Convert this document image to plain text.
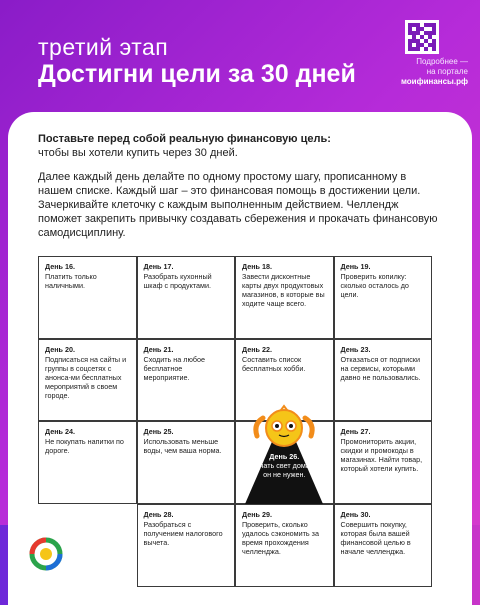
третий этап
Достигни цели за 30 дней	Подробнее —
на портале
моифинансы.рф
Поставьте перед собой реальную финансовую цель:
чтобы вы хотели купить через 30 дней.
Далее каждый день делайте по одному простому шагу, прописанному в нашем списке. Каждый шаг – это финансовая помощь в достижении цели. Зачеркивайте клеточку с каждым выполненным действием. Челлендж поможет закрепить привычку создавать сбережения и прокачать финансовую самодисциплину.
День 16.
Платить только наличными.
День 17.
Разобрать кухонный шкаф с продуктами.
День 18.
Завести дисконтные карты двух продуктовых магазинов, в которые вы ходите чаще всего.
День 19.
Проверить копилку: сколько осталось до цели.
День 20.
Подписаться на сайты и группы в соцсетях с анонса-ми бесплатных мероприятий в своем городе.
День 21.
Сходить на любое бесплатное мероприятие.
День 22.
Составить список бесплатных хобби.
День 23.
Отказаться от подписки на сервисы, которыми давно не пользовались.
День 24.
Не покупать напитки по дороге.
День 25.
Использовать меньше воды, чем ваша норма.
День 27.
Промониторить акции, скидки и промокоды в магазинах. Найти товар, который хотели купить.
День 28.
Разобраться с получением налогового вычета.
День 29.
Проверить, сколько удалось сэкономить за время прохождения челленджа.
День 30.
Совершить покупку, которая была вашей финансовой целью в начале челленджа.
День 26.
Выключать свет дома, когда он не нужен.
2
